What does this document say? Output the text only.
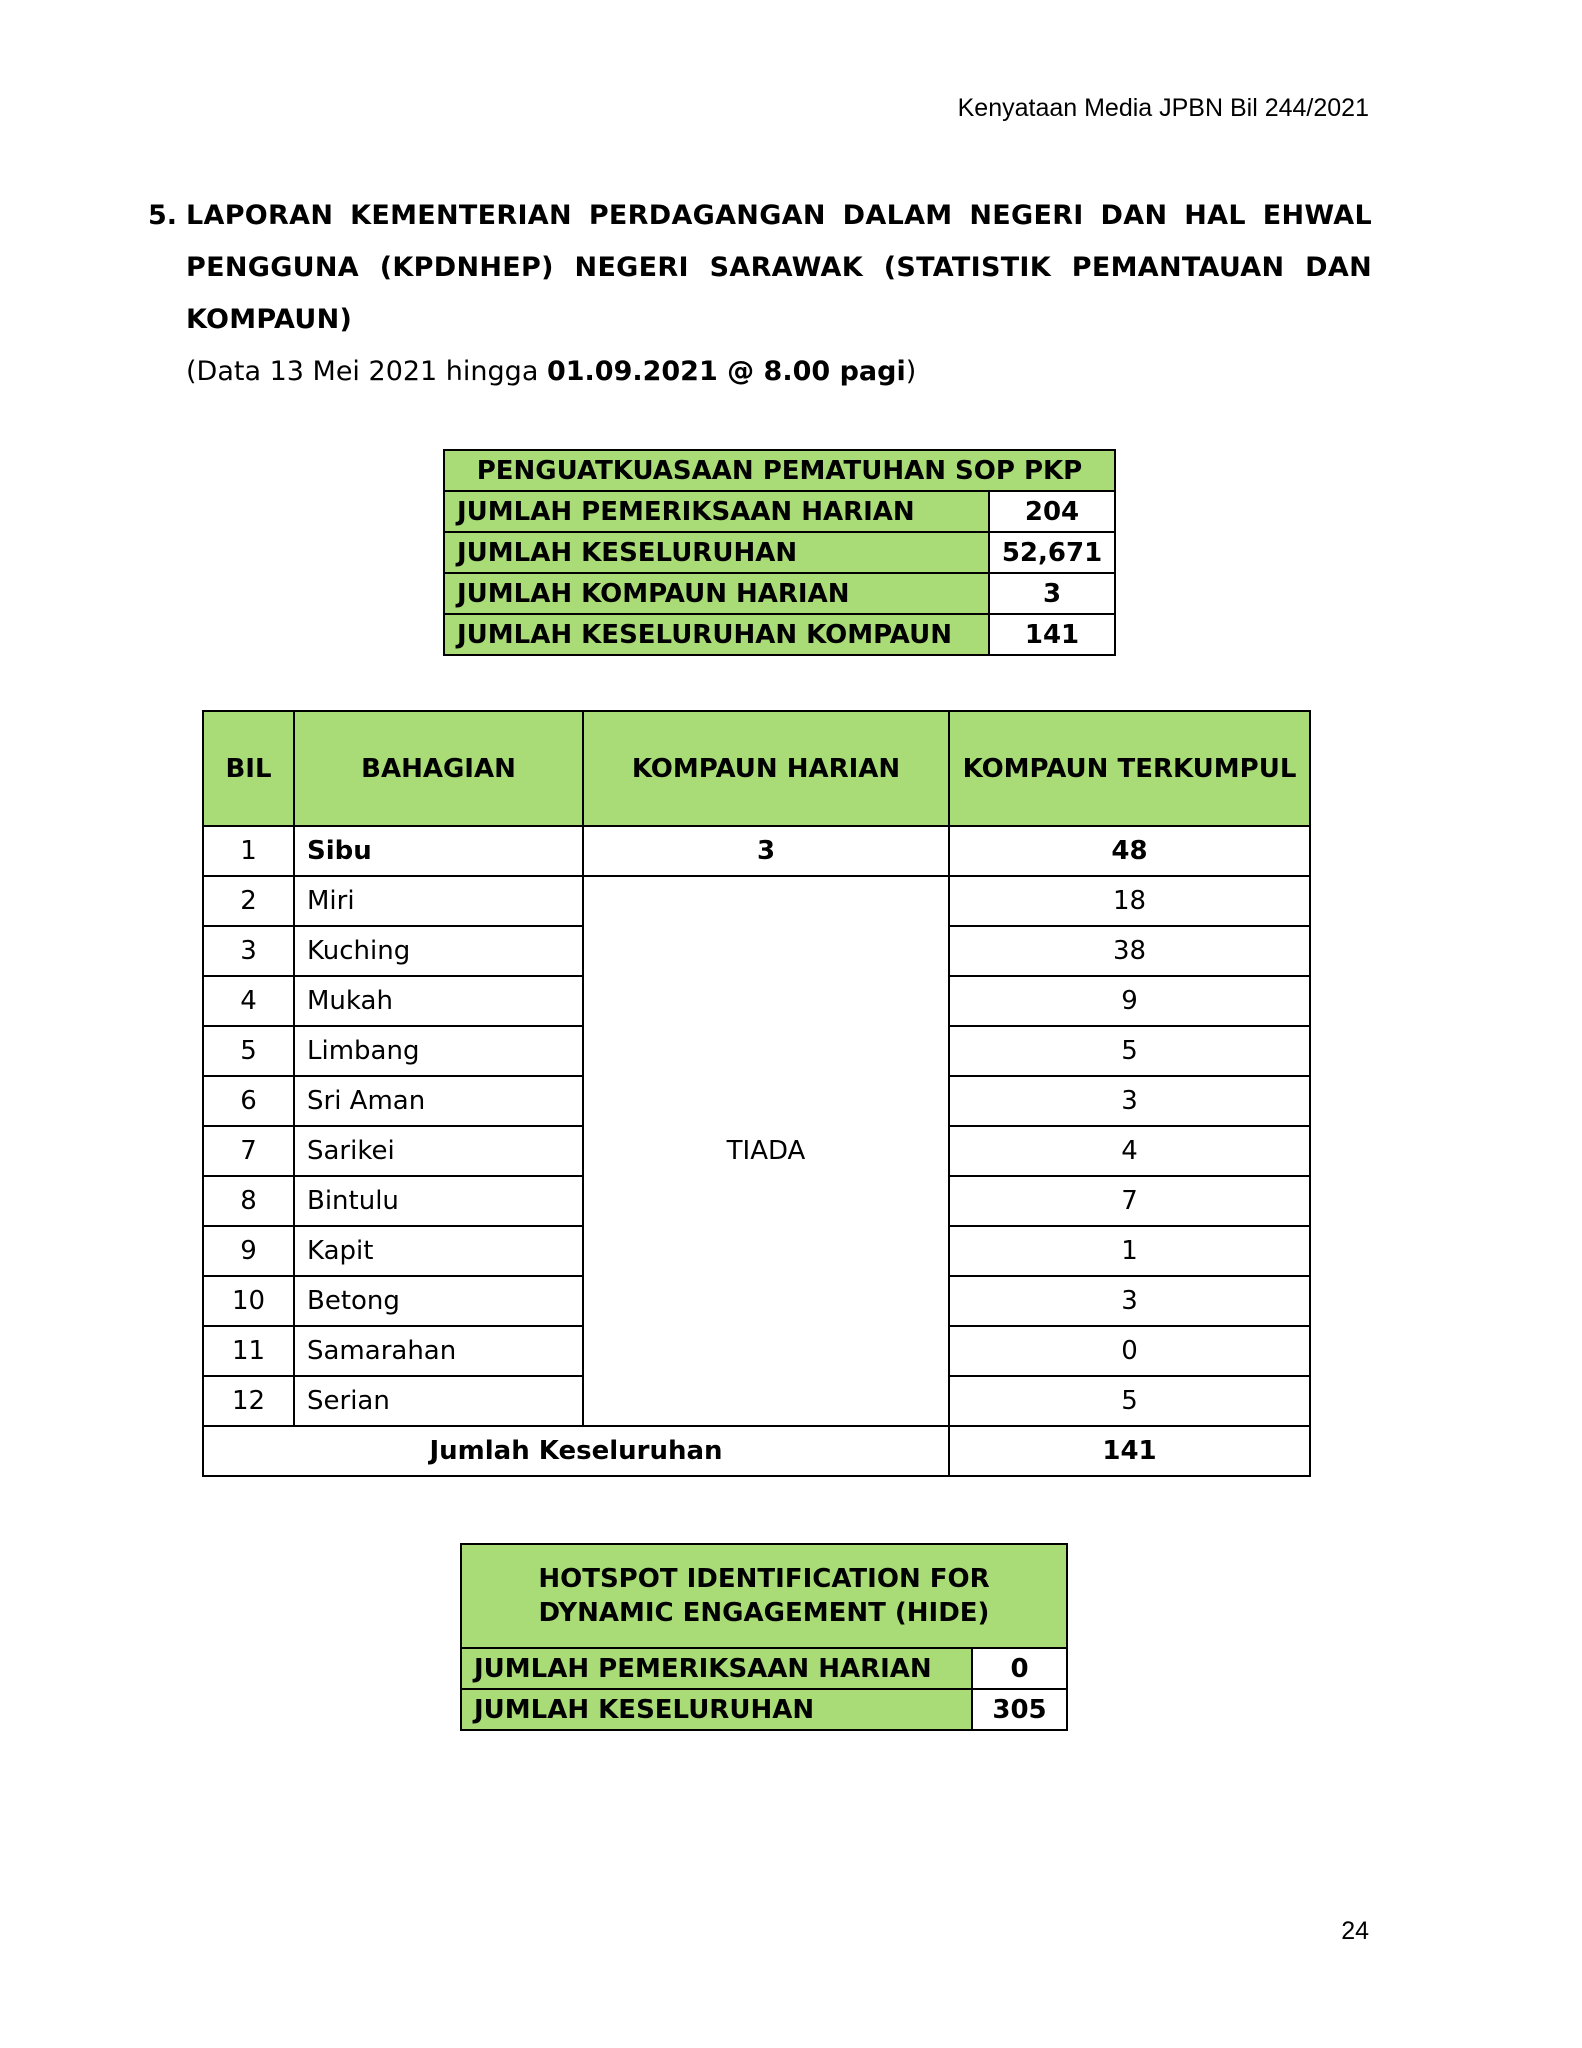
Kenyataan Media JPBN Bil 244/2021
5. LAPORAN KEMENTERIAN PERDAGANGAN DALAM NEGERI DAN HAL EHWAL PENGGUNA (KPDNHEP) NEGERI SARAWAK (STATISTIK PEMANTAUAN DAN KOMPAUN)
(Data 13 Mei 2021 hingga 01.09.2021 @ 8.00 pagi)
PENGUATKUASAAN PEMATUHAN SOP PKP	
JUMLAH PEMERIKSAAN HARIAN	204
JUMLAH KESELURUHAN	52,671
JUMLAH KOMPAUN HARIAN	3
JUMLAH KESELURUHAN KOMPAUN	141
BIL	BAHAGIAN	KOMPAUN HARIAN	KOMPAUN TERKUMPUL
1	Sibu	3	48
2	Miri	TIADA	18
3	Kuching		38
4	Mukah		9
5	Limbang		5
6	Sri Aman		3
7	Sarikei		4
8	Bintulu		7
9	Kapit		1
10	Betong		3
11	Samarahan		0
12	Serian		5
Jumlah Keseluruhan			141
HOTSPOT IDENTIFICATION FOR
DYNAMIC ENGAGEMENT (HIDE)	

JUMLAH PEMERIKSAAN HARIAN	0
JUMLAH KESELURUHAN	305
24
